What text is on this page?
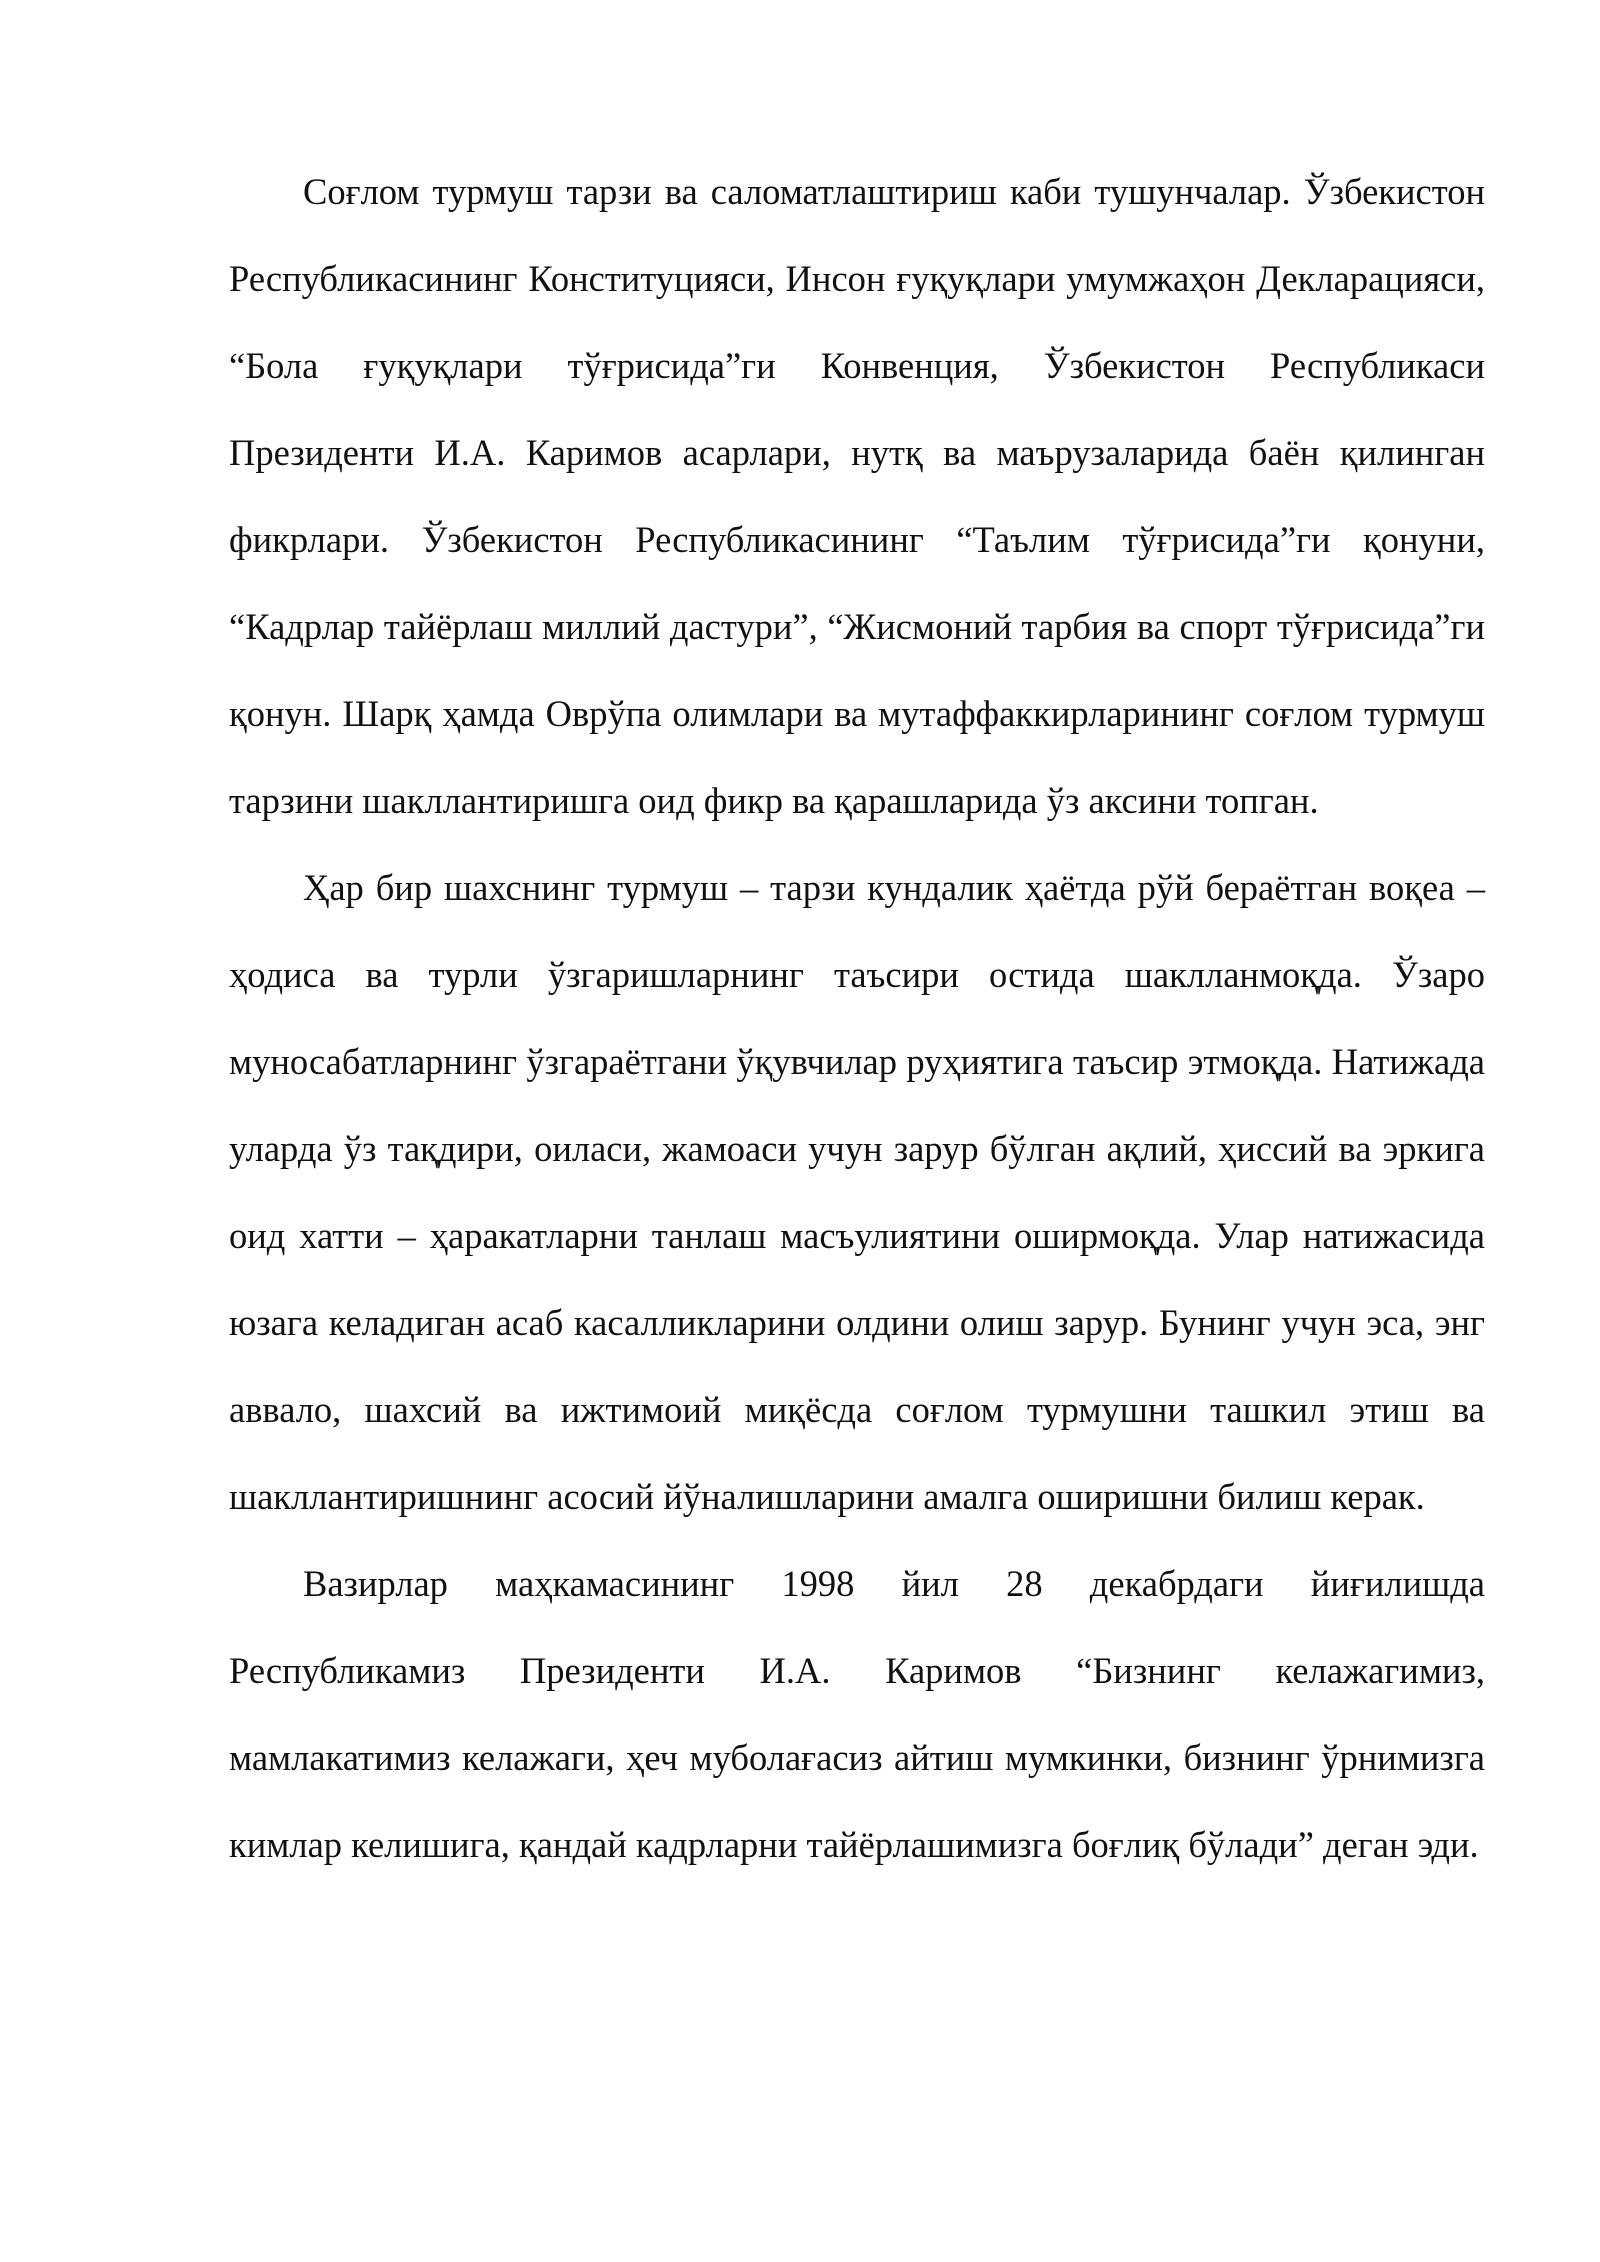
Соғлом турмуш тарзи ва саломатлаштириш каби тушунчалар. Ўзбекистон Республикасининг Конституцияси, Инсон ғуқуқлари умумжаҳон Декларацияси, “Бола ғуқуқлари тўғрисида”ги Конвенция, Ўзбекистон Республикаси Президенти И.А. Каримов асарлари, нутқ ва маърузаларида баён қилинган фикрлари. Ўзбекистон Республикасининг “Таълим тўғрисида”ги қонуни, “Кадрлар тайёрлаш миллий дастури”, “Жисмоний тарбия ва спорт тўғрисида”ги қонун. Шарқ ҳамда Оврўпа олимлари ва мутаффаккирларининг соғлом турмуш тарзини шакллантиришга оид фикр ва қарашларида ўз аксини топган.

Ҳар бир шахснинг турмуш – тарзи кундалик ҳаётда рўй бераётган воқеа – ҳодиса ва турли ўзгаришларнинг таъсири остида шаклланмоқда. Ўзаро муносабатларнинг ўзгараётгани ўқувчилар руҳиятига таъсир этмоқда. Натижада уларда ўз тақдири, оиласи, жамоаси учун зарур бўлган ақлий, ҳиссий ва эркига оид хатти – ҳаракатларни танлаш масъулиятини оширмоқда. Улар натижасида юзага келадиган асаб касалликларини олдини олиш зарур. Бунинг учун эса, энг аввало, шахсий ва ижтимоий миқёсда соғлом турмушни ташкил этиш ва шакллантиришнинг асосий йўналишларини амалга оширишни билиш керак.

Вазирлар маҳкамасининг 1998 йил 28 декабрдаги йиғилишда Республикамиз Президенти И.А. Каримов “Бизнинг келажагимиз, мамлакатимиз келажаги, ҳеч муболағасиз айтиш мумкинки, бизнинг ўрнимизга кимлар келишига, қандай кадрларни тайёрлашимизга боғлиқ бўлади” деган эди.
